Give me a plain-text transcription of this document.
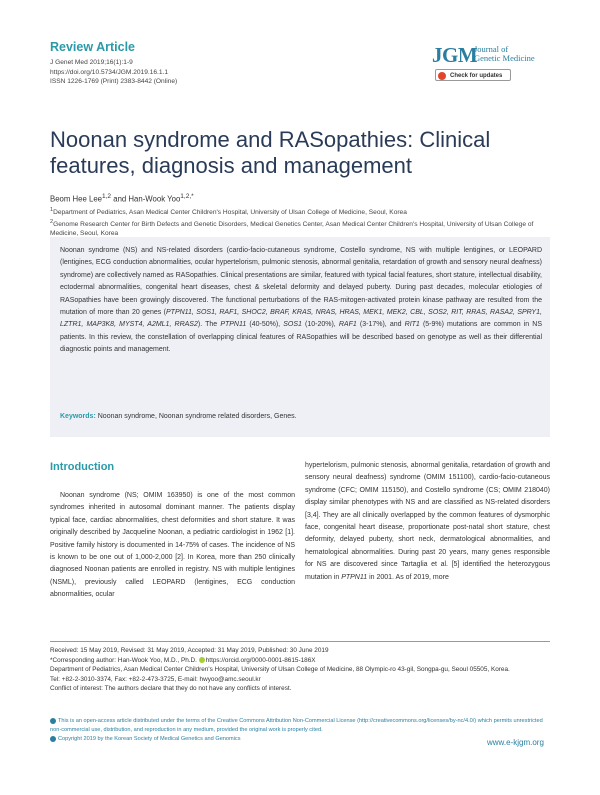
Review Article
J Genet Med 2019;16(1):1-9
https://doi.org/10.5734/JGM.2019.16.1.1
ISSN 1226-1769 (Print) 2383-8442 (Online)
JGM
Journal of
Genetic Medicine
Check for updates
Noonan syndrome and RASopathies: Clinical features, diagnosis and management
Beom Hee Lee$^{1,2}$ and Han-Wook Yoo$^{1,2,*}$
$^1$Department of Pediatrics, Asan Medical Center Children's Hospital, University of Ulsan College of Medicine, Seoul, Korea
$^2$Genome Research Center for Birth Defects and Genetic Disorders, Medical Genetics Center, Asan Medical Center Children's Hospital, University of Ulsan College of Medicine, Seoul, Korea
Noonan syndrome (NS) and NS-related disorders (cardio-facio-cutaneous syndrome, Costello syndrome, NS with multiple lentigines, or LEOPARD (lentigines, ECG conduction abnormalities, ocular hypertelorism, pulmonic stenosis, abnormal genitalia, retardation of growth and sensory neural deafness) syndrome) are collectively named as RASopathies. Clinical presentations are similar, featured with typical facial features, short stature, intellectual disability, ectodermal abnormalities, congenital heart diseases, chest & skeletal deformity and delayed puberty. During past decades, molecular etiologies of RASopathies have been growingly discovered. The functional perturbations of the RAS-mitogen-activated protein kinase pathway are resulted from the mutation of more than 20 genes (PTPN11, SOS1, RAF1, SHOC2, BRAF, KRAS, NRAS, HRAS, MEK1, MEK2, CBL, SOS2, RIT, RRAS, RASA2, SPRY1, LZTR1, MAP3K8, MYST4, A2ML1, RRAS2). The PTPN11 (40-50%), SOS1 (10-20%), RAF1 (3-17%), and RIT1 (5-9%) mutations are common in NS patients. In this review, the constellation of overlapping clinical features of RASopathies will be described based on genotype as well as their differential diagnostic points and management.
Keywords: Noonan syndrome, Noonan syndrome related disorders, Genes.
Introduction
Noonan syndrome (NS; OMIM 163950) is one of the most common syndromes inherited in autosomal dominant manner. The patients display typical face, cardiac abnormalities, chest deformities and short stature. It was originally described by Jacqueline Noonan, a pediatric cardiologist in 1962 [1]. Positive family history is documented in 14-75% of cases. The incidence of NS is known to be one out of 1,000-2,000 [2]. In Korea, more than 250 clinically diagnosed Noonan patients are enrolled in registry. NS with multiple lentigines (NSML), previously called LEOPARD (lentigines, ECG conduction abnormalities, ocular
hypertelorism, pulmonic stenosis, abnormal genitalia, retardation of growth and sensory neural deafness) syndrome (OMIM 151100), cardio-facio-cutaneous syndrome (CFC; OMIM 115150), and Costello syndrome (CS; OMIM 218040) display similar phenotypes with NS and are classified as NS-related disorders [3,4]. They are all clinically overlapped by the common features of dysmorphic face, congenital heart disease, proportionate post-natal short stature, chest deformity, delayed puberty, short neck, dermatological abnormalities, and hematological abnormalities. During past 20 years, many genes responsible for NS are discovered since Tartaglia et al. [5] identified the heterozygous mutation in PTPN11 in 2001. As of 2019, more
Received: 15 May 2019, Revised: 31 May 2019, Accepted: 31 May 2019, Published: 30 June 2019
*Corresponding author: Han-Wook Yoo, M.D., Ph.D. https://orcid.org/0000-0001-8615-186X
Department of Pediatrics, Asan Medical Center Children's Hospital, University of Ulsan College of Medicine, 88 Olympic-ro 43-gil, Songpa-gu, Seoul 05505, Korea.
Tel: +82-2-3010-3374, Fax: +82-2-473-3725, E-mail: hwyoo@amc.seoul.kr
Conflict of interest: The authors declare that they do not have any conflicts of interest.
This is an open-access article distributed under the terms of the Creative Commons Attribution Non-Commercial License (http://creativecommons.org/licenses/by-nc/4.0/) which permits unrestricted non-commercial use, distribution, and reproduction in any medium, provided the original work is properly cited.
Copyright 2019 by the Korean Society of Medical Genetics and Genomics	www.e-kjgm.org
